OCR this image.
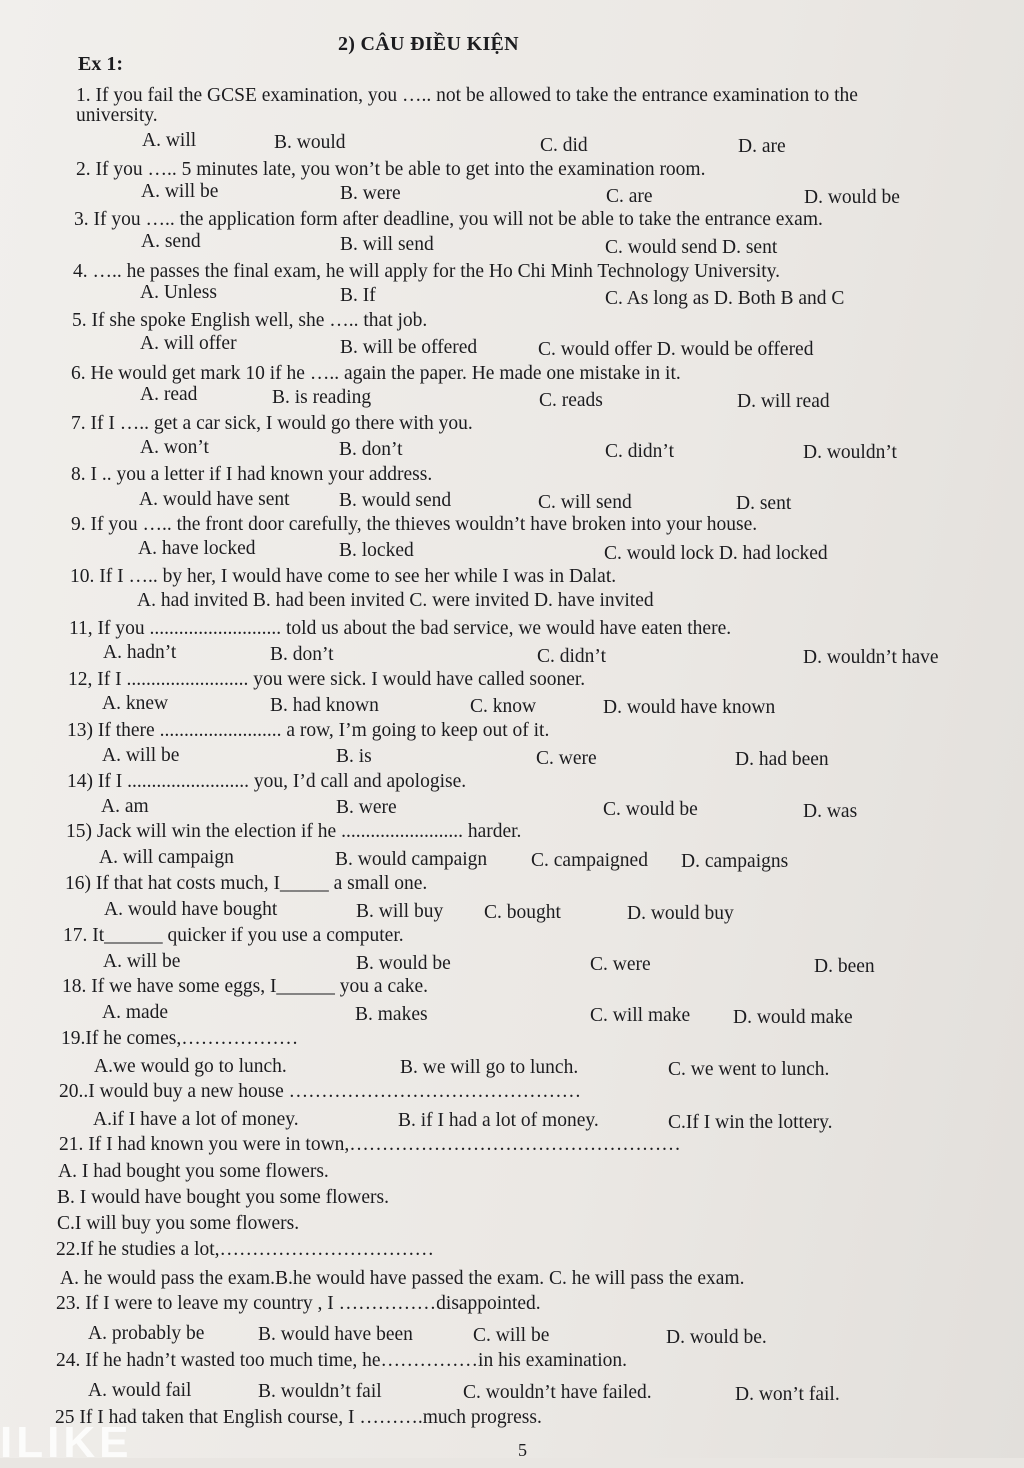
2) CÂU ĐIỀU KIỆN
Ex 1:
1. If you fail the GCSE examination, you ….. not be allowed to take the entrance examination to the
university.
2. If you ….. 5 minutes late, you won’t be able to get into the examination room.
3. If you ….. the application form after deadline, you will not be able to take the entrance exam.
4. ….. he passes the final exam, he will apply for the Ho Chi Minh Technology University.
5. If she spoke English well, she ….. that job.
6. He would get mark 10 if he ….. again the paper. He made one mistake in it.
7. If I ….. get a car sick, I would go there with you.
8. I .. you a letter if I had known your address.
9. If you ….. the front door carefully, the thieves wouldn’t have broken into your house.
10. If I ….. by her, I would have come to see her while I was in Dalat.
11, If you ........................... told us about the bad service, we would have eaten there.
12, If I ......................... you were sick. I would have called sooner.
13) If there ......................... a row, I’m going to keep out of it.
14) If I ......................... you, I’d call and apologise.
15) Jack will win the election if he ......................... harder.
16) If that hat costs much, I_____ a small one.
17. It______ quicker if you use a computer.
18. If we have some eggs, I______ you a cake.
19.If he comes,………………
20..I would buy a new house ………………………………………
21. If I had known you were in town,……………………………………………
22.If he studies a lot,……………………………
23. If I were to leave my country , I ……………disappointed.
24. If he hadn’t wasted too much time, he……………in his examination.
25 If I had taken that English course, I ……….much progress.
A. will	B. would	C. did	D. are
A. will be	B. were	C. are	D. would be
A. send	B. will send	C. would send D. sent
A. Unless	B. If	C. As long as D. Both B and C
A. will offer	B. will be offered	C. would offer D. would be offered
A. read	B. is reading	C. reads	D. will read
A. won’t	B. don’t	C. didn’t	D. wouldn’t
A. would have sent	B. would send	C. will send	D. sent
A. have locked	B. locked	C. would lock D. had locked
A. had invited B. had been invited C. were invited D. have invited
A. hadn’t	B. don’t	C. didn’t	D. wouldn’t have
A. knew	B. had known	C. know	D. would have known
A. will be	B. is	C. were	D. had been
A. am	B. were	C. would be	D. was
A. will campaign	B. would campaign C. campaigned D. campaigns
A. would have bought	B. will buy C. bought	D. would buy
A. will be	B. would be	C. were	D. been
A. made	B. makes	C. will make D. would make
A.we would go to lunch.	B. we will go to lunch.	C. we went to lunch.
A.if I have a lot of money.	B. if I had a lot of money.	C.If I win the lottery.
A. I had bought you some flowers.
B. I would have bought you some flowers.
C.I will buy you some flowers.
A. he would pass the exam.B.he would have passed the exam. C. he will pass the exam.
A. probably be	B. would have been	C. will be	D. would be.
A. would fail	B. wouldn’t fail	C. wouldn’t have failed.	D. won’t fail.
ILIKE	5
